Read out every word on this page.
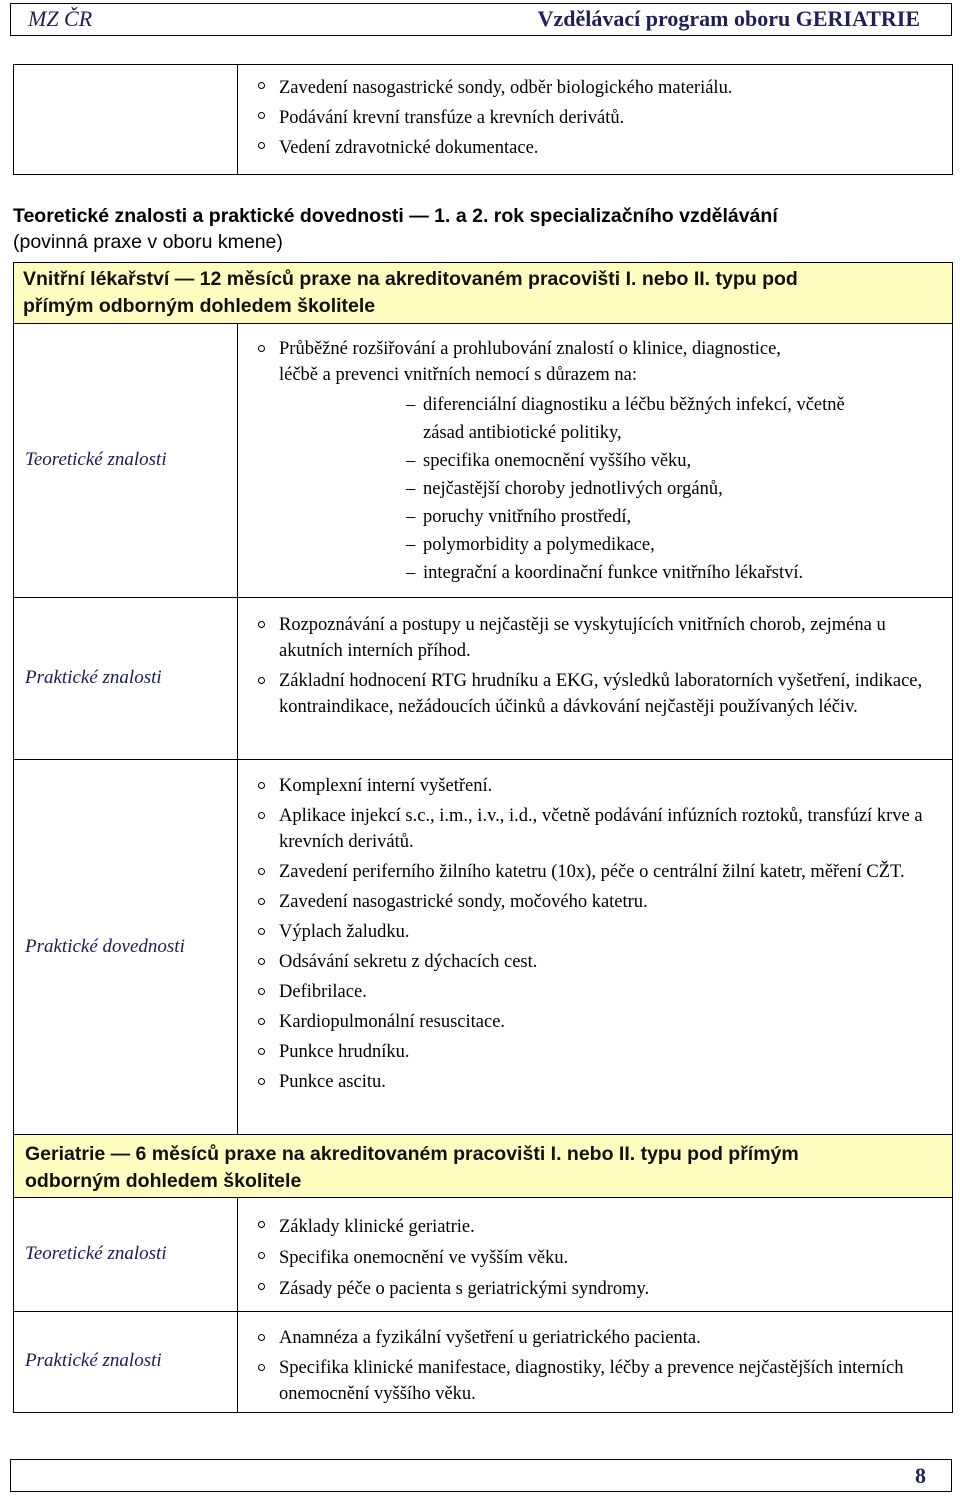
MZ ČR	Vzdělávací program oboru GERIATRIE
Zavedení nasogastrické sondy, odběr biologického materiálu.
Podávání krevní transfúze a krevních derivátů.
Vedení zdravotnické dokumentace.
Teoretické znalosti a praktické dovednosti — 1. a 2. rok specializačního vzdělávání
(povinná praxe v oboru kmene)
Vnitřní lékařství — 12 měsíců praxe na akreditovaném pracovišti I. nebo II. typu pod
přímým odborným dohledem školitele
Teoretické znalosti
Průběžné rozšiřování a prohlubování znalostí o klinice, diagnostice,
léčbě a prevenci vnitřních nemocí s důrazem na:
– diferenciální diagnostiku a léčbu běžných infekcí, včetně
zásad antibiotické politiky,
– specifika onemocnění vyššího věku,
– nejčastější choroby jednotlivých orgánů,
– poruchy vnitřního prostředí,
– polymorbidity a polymedikace,
– integrační a koordinační funkce vnitřního lékařství.
Praktické znalosti
Rozpoznávání a postupy u nejčastěji se vyskytujících vnitřních chorob, zejména u akutních interních příhod.
Základní hodnocení RTG hrudníku a EKG, výsledků laboratorních vyšetření, indikace, kontraindikace, nežádoucích účinků a dávkování nejčastěji používaných léčiv.
Praktické dovednosti
Komplexní interní vyšetření.
Aplikace injekcí s.c., i.m., i.v., i.d., včetně podávání infúzních roztoků, transfúzí krve a krevních derivátů.
Zavedení periferního žilního katetru (10x), péče o centrální žilní katetr, měření CŽT.
Zavedení nasogastrické sondy, močového katetru.
Výplach žaludku.
Odsávání sekretu z dýchacích cest.
Defibrilace.
Kardiopulmonální resuscitace.
Punkce hrudníku.
Punkce ascitu.
Geriatrie — 6 měsíců praxe na akreditovaném pracovišti I. nebo II. typu pod přímým
odborným dohledem školitele
Teoretické znalosti
Základy klinické geriatrie.
Specifika onemocnění ve vyšším věku.
Zásady péče o pacienta s geriatrickými syndromy.
Praktické znalosti
Anamnéza a fyzikální vyšetření u geriatrického pacienta.
Specifika klinické manifestace, diagnostiky, léčby a prevence nejčastějších interních onemocnění vyššího věku.
8
